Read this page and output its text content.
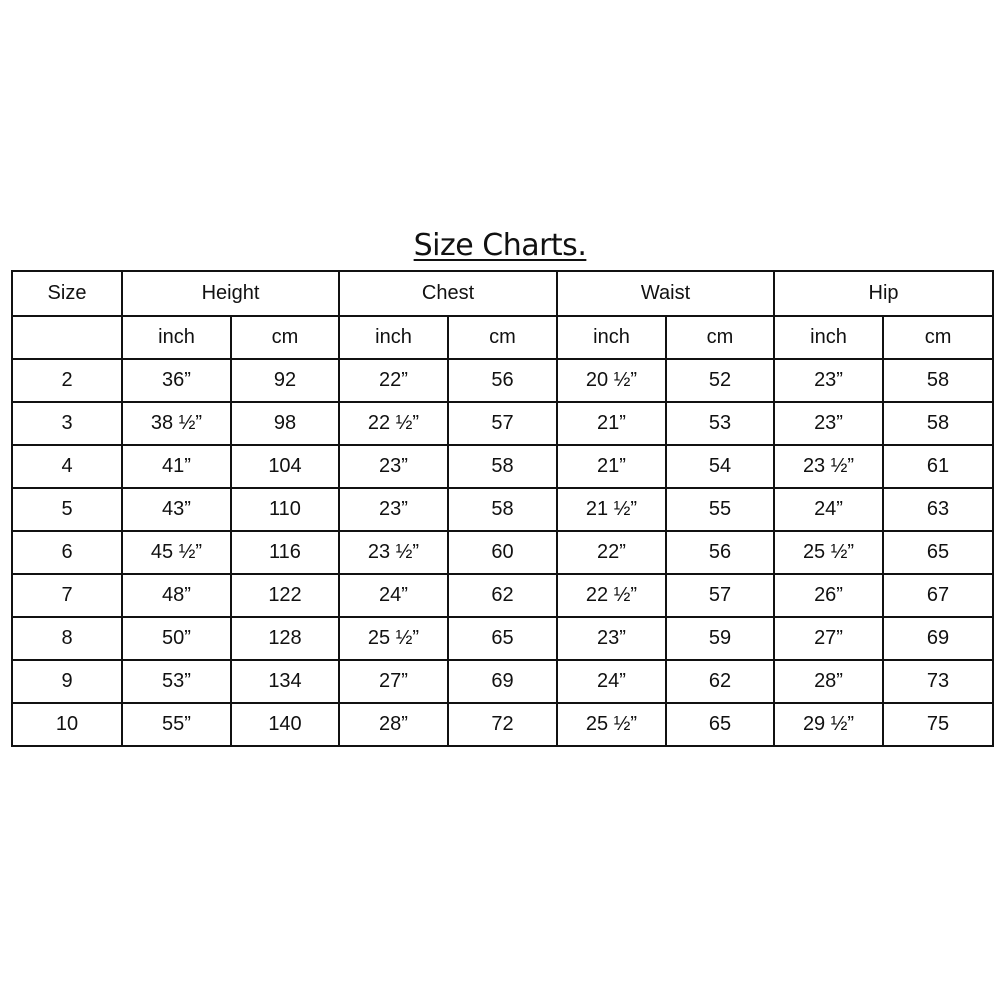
Size Charts.
Size	Height		Chest		Waist		Hip	
	inch	cm	inch	cm	inch	cm	inch	cm
2	36”	92	22”	56	20 ½”	52	23”	58
3	38 ½”	98	22 ½”	57	21”	53	23”	58
4	41”	104	23”	58	21”	54	23 ½”	61
5	43”	110	23”	58	21 ½”	55	24”	63
6	45 ½”	116	23 ½”	60	22”	56	25 ½”	65
7	48”	122	24”	62	22 ½”	57	26”	67
8	50”	128	25 ½”	65	23”	59	27”	69
9	53”	134	27”	69	24”	62	28”	73
10	55”	140	28”	72	25 ½”	65	29 ½”	75
